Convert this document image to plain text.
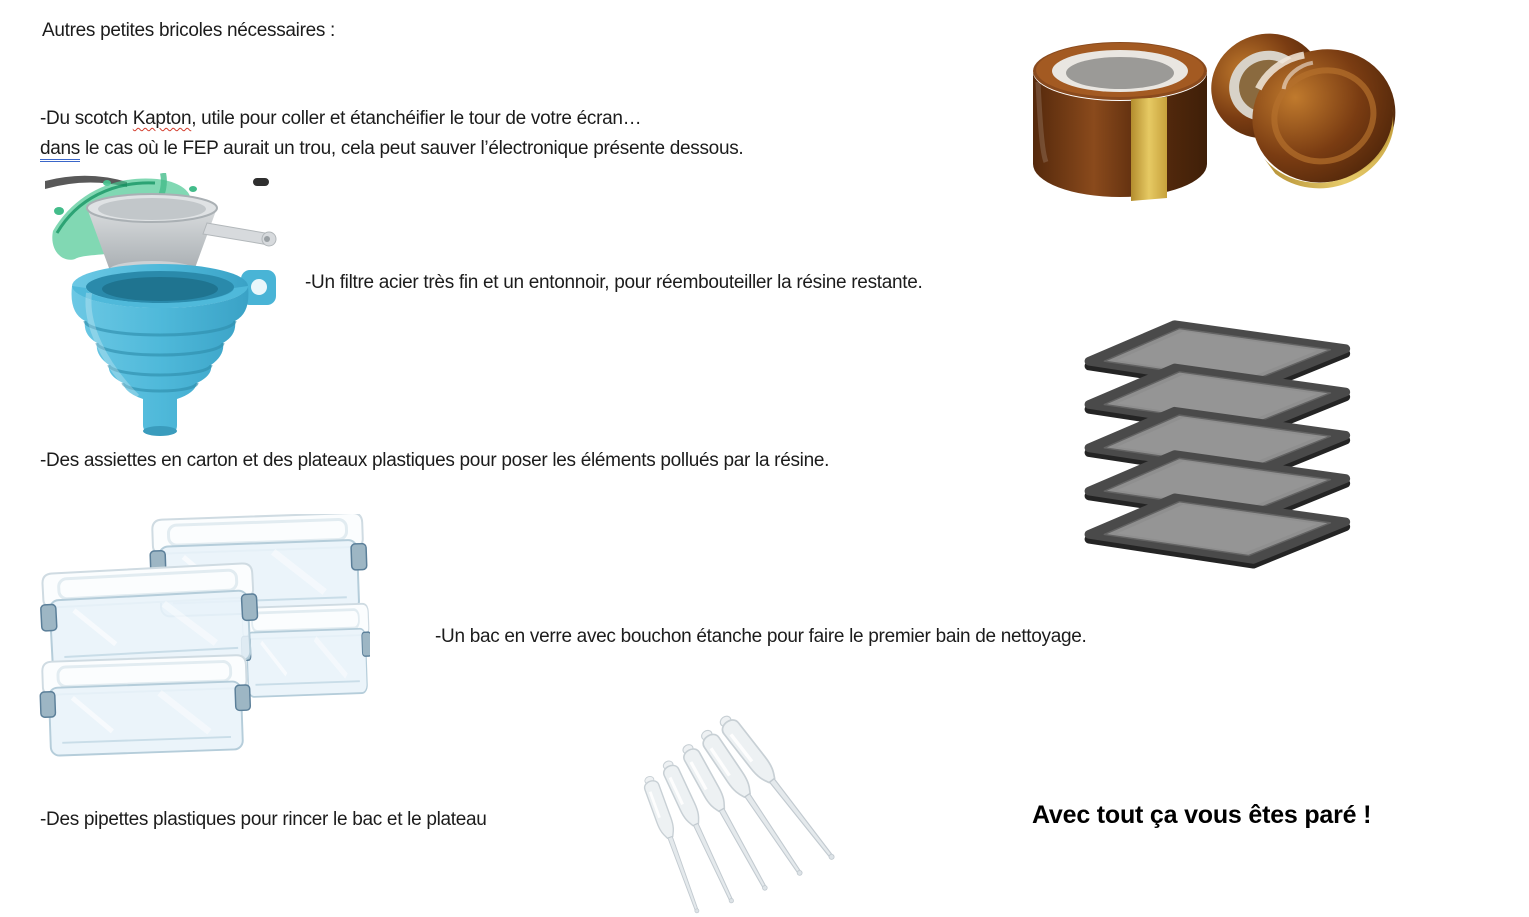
Autres petites bricoles nécessaires :
-Du scotch Kapton, utile pour coller et étanchéifier le tour de votre écran…
dans le cas où le FEP aurait un trou, cela peut sauver l’électronique présente dessous.
-Un filtre acier très fin et un entonnoir, pour réembouteiller la résine restante.
-Des assiettes en carton et des plateaux plastiques pour poser les éléments pollués par la résine.
-Un bac en verre avec bouchon étanche pour faire le premier bain de nettoyage.
-Des pipettes plastiques pour rincer le bac et le plateau	Avec tout ça vous êtes paré !
